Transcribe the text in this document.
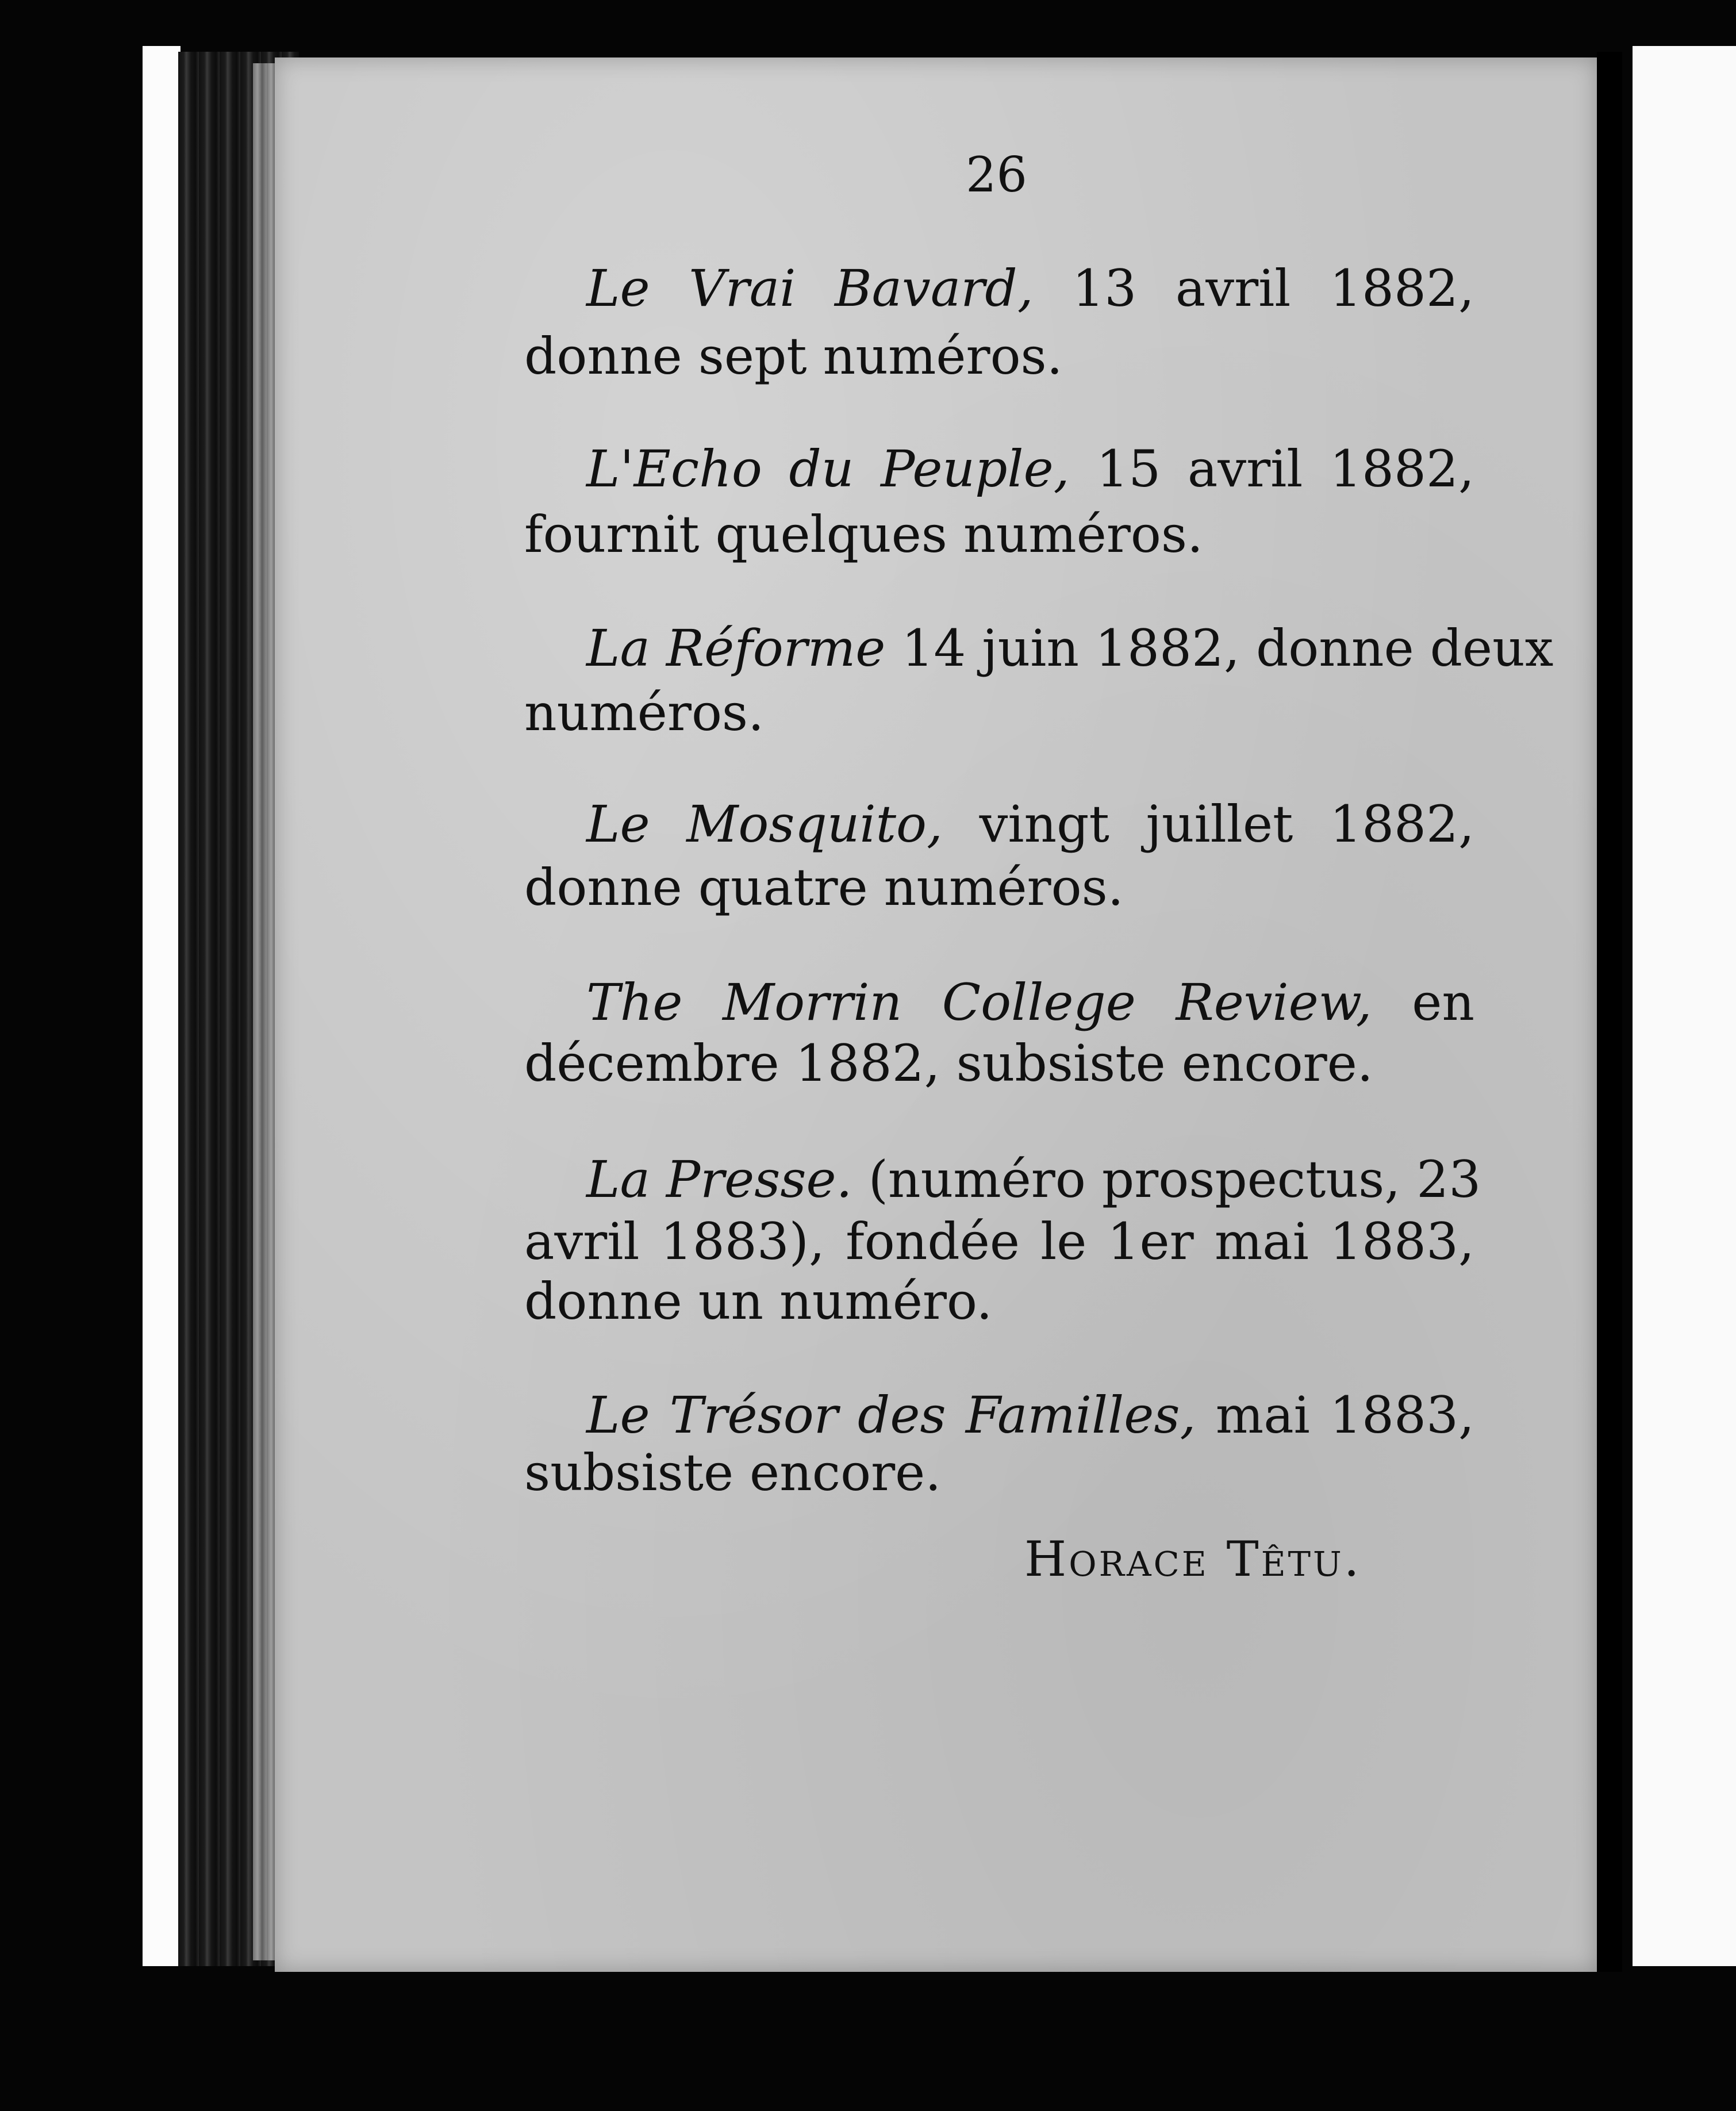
26
Le Vrai Bavard, 13 avril 1882,
donne sept numéros.
L'Echo du Peuple, 15 avril 1882,
fournit quelques numéros.
La Réforme 14 juin 1882, donne deux
numéros.
Le Mosquito, vingt juillet 1882,
donne quatre numéros.
The Morrin College Review, en
décembre 1882, subsiste encore.
La Presse. (numéro prospectus, 23
avril 1883), fondée le 1er mai 1883,
donne un numéro.
Le Trésor des Familles, mai 1883,
subsiste encore.
Horace Têtu.
